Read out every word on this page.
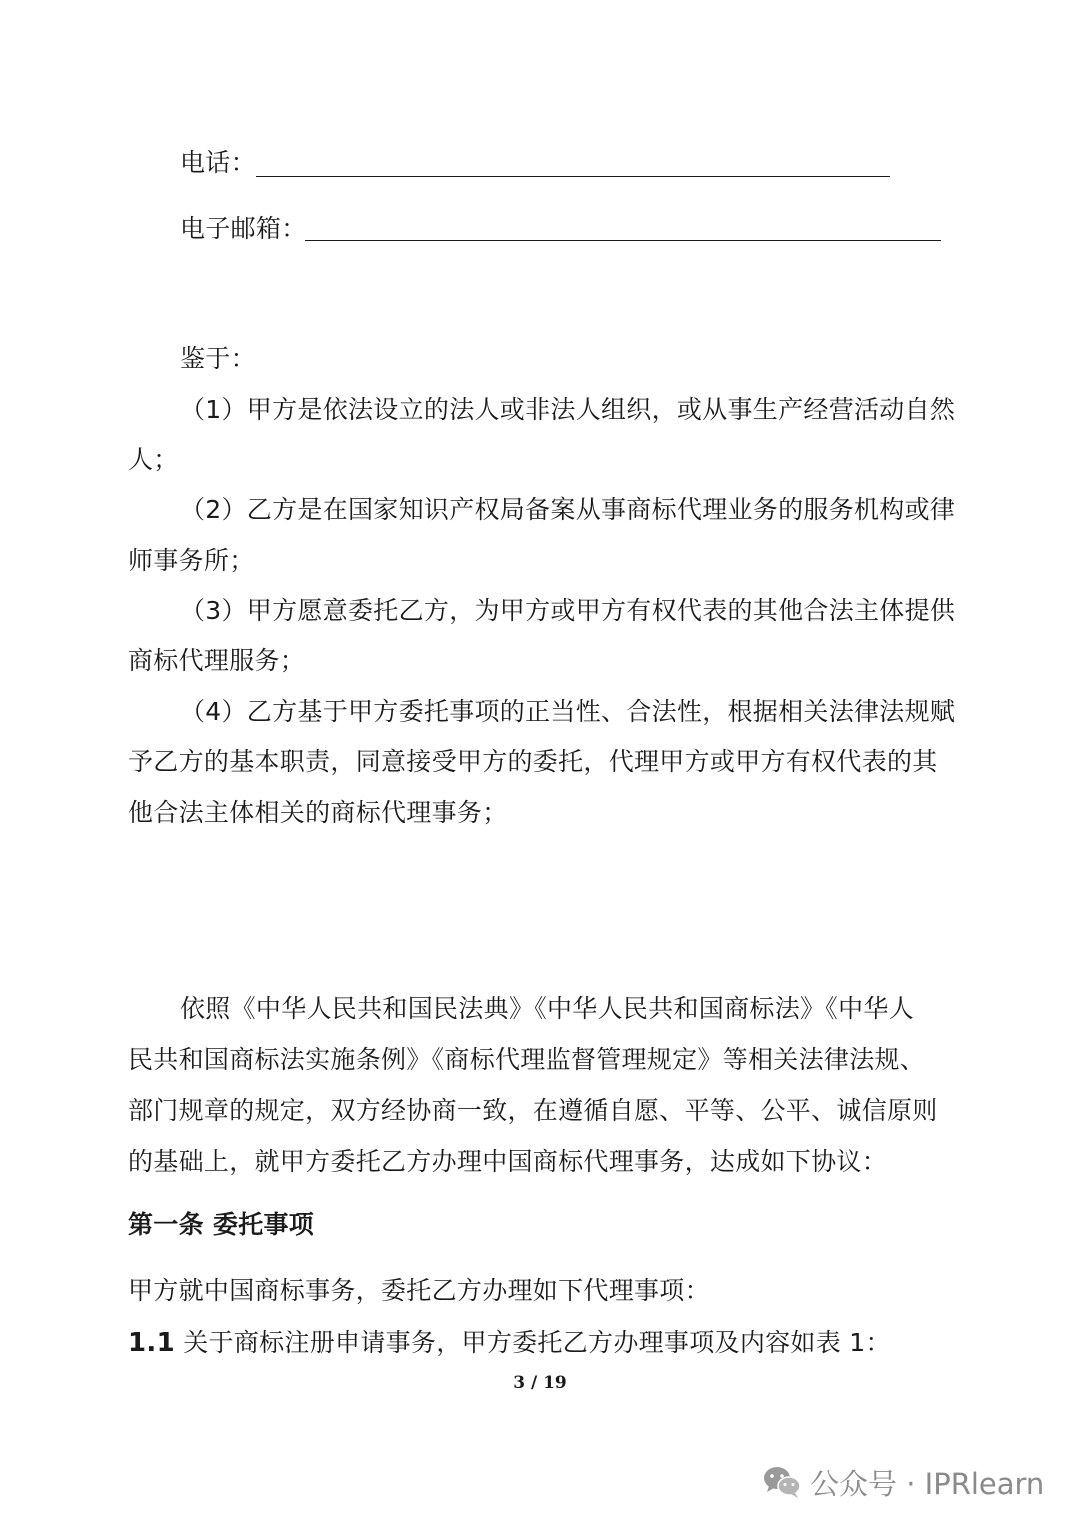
电话：

电子邮箱：

鉴于：

（1）甲方是依法设立的法人或非法人组织，或从事生产经营活动自然

人；

（2）乙方是在国家知识产权局备案从事商标代理业务的服务机构或律

师事务所；

（3）甲方愿意委托乙方，为甲方或甲方有权代表的其他合法主体提供

商标代理服务；

（4）乙方基于甲方委托事项的正当性、合法性，根据相关法律法规赋

予乙方的基本职责，同意接受甲方的委托，代理甲方或甲方有权代表的其

他合法主体相关的商标代理事务；

依照《中华人民共和国民法典》《中华人民共和国商标法》《中华人

民共和国商标法实施条例》《商标代理监督管理规定》等相关法律法规、

部门规章的规定，双方经协商一致，在遵循自愿、平等、公平、诚信原则

的基础上，就甲方委托乙方办理中国商标代理事务，达成如下协议：

第一条 委托事项

甲方就中国商标事务，委托乙方办理如下代理事项：

1.1 关于商标注册申请事务，甲方委托乙方办理事项及内容如表 1：

3 / 19
公众号 · IPRlearn
